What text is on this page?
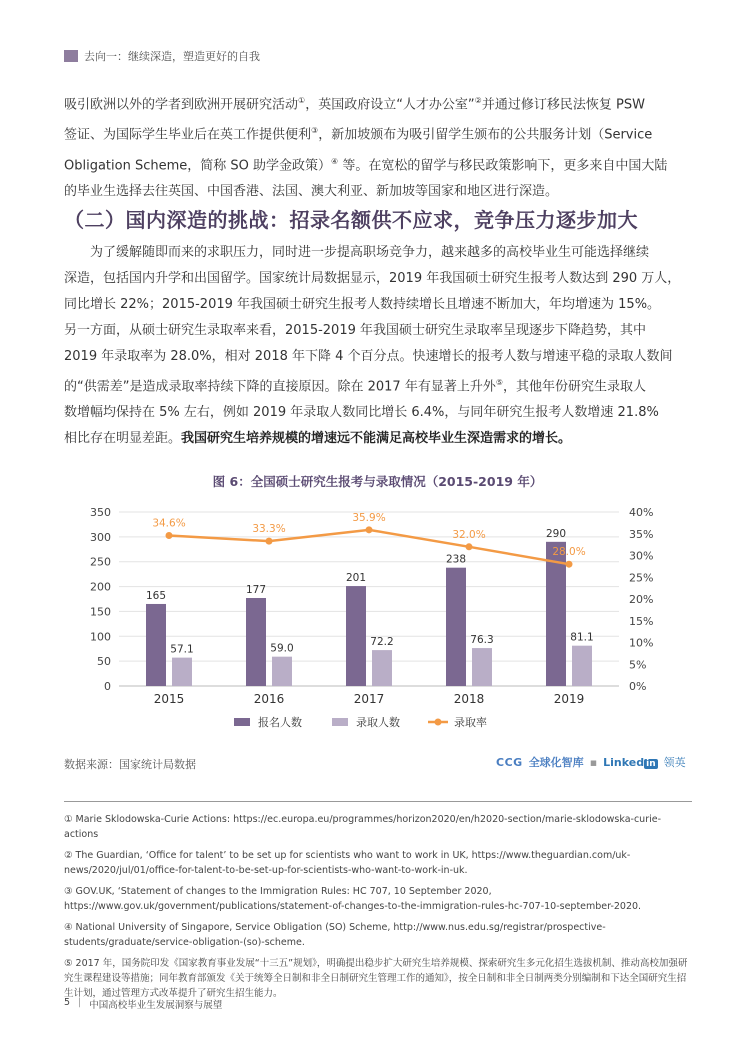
去向一：继续深造，塑造更好的自我
吸引欧洲以外的学者到欧洲开展研究活动①，英国政府设立“人才办公室”②并通过修订移民法恢复 PSW
签证、为国际学生毕业后在英工作提供便利③，新加坡颁布为吸引留学生颁布的公共服务计划（Service
Obligation Scheme，简称 SO 助学金政策）④ 等。在宽松的留学与移民政策影响下，更多来自中国大陆
的毕业生选择去往英国、中国香港、法国、澳大利亚、新加坡等国家和地区进行深造。
（二）国内深造的挑战：招录名额供不应求，竞争压力逐步加大
为了缓解随即而来的求职压力，同时进一步提高职场竞争力，越来越多的高校毕业生可能选择继续
深造，包括国内升学和出国留学。国家统计局数据显示，2019 年我国硕士研究生报考人数达到 290 万人，
同比增长 22%；2015-2019 年我国硕士研究生报考人数持续增长且增速不断加大，年均增速为 15%。
另一方面，从硕士研究生录取率来看，2015-2019 年我国硕士研究生录取率呈现逐步下降趋势，其中
2019 年录取率为 28.0%，相对 2018 年下降 4 个百分点。快速增长的报考人数与增速平稳的录取人数间
的“供需差”是造成录取率持续下降的直接原因。除在 2017 年有显著上升外⑤，其他年份研究生录取人
数增幅均保持在 5% 左右，例如 2019 年录取人数同比增长 6.4%，与同年研究生报考人数增速 21.8%
相比存在明显差距。我国研究生培养规模的增速远不能满足高校毕业生深造需求的增长。
图 6：全国硕士研究生报考与录取情况（2015-2019 年）
0
50
100
150
200
250
300
350
0%
5%
10%
15%
20%
25%
30%
35%
40%
165
57.1
2015
177
59.0
2016
201
72.2
2017
238
76.3
2018
290
81.1
2019
34.6%	33.3%
35.9%
32.0%
28.0%
报名人数	录取人数	录取率
数据来源：国家统计局数据	CCG 全球化智库 ▪ Linked in 领英
① Marie Sklodowska-Curie Actions: https://ec.europa.eu/programmes/horizon2020/en/h2020-section/marie-sklodowska-curie-actions
② The Guardian, ‘Office for talent’ to be set up for scientists who want to work in UK, https://www.theguardian.com/uk-news/2020/jul/01/office-for-talent-to-be-set-up-for-scientists-who-want-to-work-in-uk.
③ GOV.UK, ‘Statement of changes to the Immigration Rules: HC 707, 10 September 2020, https://www.gov.uk/government/publications/statement-of-changes-to-the-immigration-rules-hc-707-10-september-2020.
④ National University of Singapore, Service Obligation (SO) Scheme, http://www.nus.edu.sg/registrar/prospective-students/graduate/service-obligation-(so)-scheme.
⑤ 2017 年，国务院印发《国家教育事业发展“十三五”规划》，明确提出稳步扩大研究生培养规模、探索研究生多元化招生选拔机制、推动高校加强研究生课程建设等措施；同年教育部颁发《关于统筹全日制和非全日制研究生管理工作的通知》，按全日制和非全日制两类分别编制和下达全国研究生招生计划，通过管理方式改革提升了研究生招生能力。
5 | 中国高校毕业生发展洞察与展望
